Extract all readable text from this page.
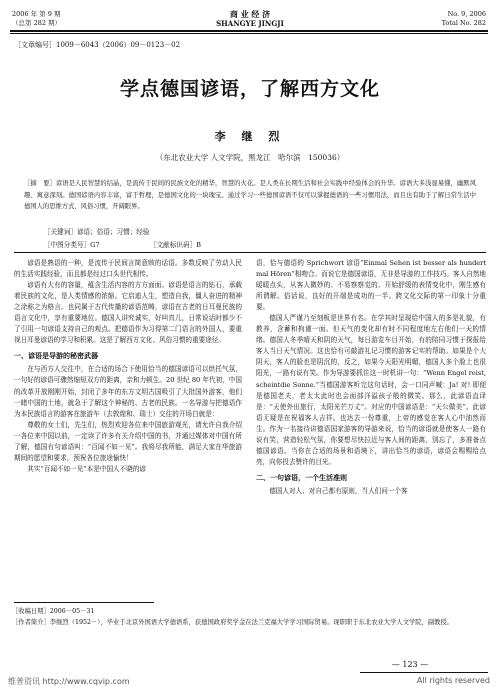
2006 年 第 9 期
（总第 282 期）
商 业 经 济
SHANGYE JINGJI
No. 9, 2006
Total No. 282
［文章编号］1009－6043（2006）09－0123－02
学点德国谚语，了解西方文化
李 继 烈
（东北农业大学 人文学院，黑龙江　哈尔滨　150036）
［摘　要］谚语是人民智慧的结晶，是流传于民间的民族文化的精华，智慧的火花。是人类在长期生活和社会实践中经验体会的升华。谚语大多浅显易懂，幽默风趣、寓意深刻。德国谚语内容丰富，富于哲理，是德国文化的一块瑰宝。通过学习一些德国谚语不仅可以掌握德语的一些习惯用法，而且也有助于了解日常生活中德国人的思维方式、风俗习惯，开阔眼界。
［关键词］谚语；俗语；习惯；经验
［中图分类号］G7	［文献标识码］B

谚语是熟语的一种，是流传于民间言简意赅的话语。多数反映了劳动人民的生活实践经验，而且都是经过口头世代相传。

谚语有大有的容量，蕴含生活内容的方方面面。谚语是语言的钻石，承载着民族的文化，是人类情感的浓缩。它启迪人生，塑造自我，僵人奋进的精神之涂称之为格言。也同属于古代传播的谚语范畴，谚语在古老的日耳曼民族的语言文化中，享有重要地位。德国人讲究诚实，好叫真儿，日常说话时都少不了引用一句谚语支持自己的观点。把德语作为习得第二门语言的外国人，要重视日耳曼谚语的学习和积累。这是了解西方文化、风俗习惯的重要途径。

一、谚语是导游的秘密武器

在与西方人交往中，在合适的场合下使用恰当的德国谚语可以烘托气氛，一句好的谚语可骤然缩短双方的距离，亲和力顿生。20 世纪 80 年代初，中国的改革开放刚刚开始，封闭了多年的东方文明古国吸引了大批国外游客，他们一睹中国的土地，就急于了解这个神秘的、古老的民族。一名导游与把德语作为本民族语言的游客在旅游车（去敦煌和、瑞士）交往的开场白就是：

尊敬的女士们，先生们，热烈欢迎各位来中国旅游观光，请允许自我介绍一各位来中国以前，一定读了许多有关介绍中国的书，并通过媒体对中国有所了解，德国有句谚语叫：“百闻不如一见”。我将尽我所能，满足大家在华旅游期间的愿望和要求，预祝各位旅途愉快！

其实“百闻不如一见”本是中国人不晓的谚

语，恰与德语的 Sprichwort 谚语“Einmal Sehen ist besser als hundert mal Hören”相吻合。而说它是德国谚语，无非是导游的工作技巧。客人自然地暖暖点头，从客人微妙的、不易察察觉的、开始舒缓的表情变化中，刚生感有所谓解。俗话说，良好的开端是成功的一半。跨文化交际的第一印象十分重要。

德国人严谨乃至刻板是世界有名。在学其时呈现给中国人的多是礼貌，有教养，含蓄和拘谨一面。但天气的变化却有时不同程度地左右他们一天的情绪。德国人冬季晴天和阴的天气，每日游览车目开始，有的陪同习惯于探报给客人当日天气情况。这也恰有可敲游礼记习惯的游客记实的帮助。如果是个大阴天，客人的脸也是阴沉的，反之，如果今天阳光明媚，德国人多个脸上也很阳光，一路有说有笑。作为导游要抓住这一时机讲一句：“Wenn Engel reist, scheintdie Sonne.”当德国游客听完这句话时，会一口同声喊：Ja! 对! 即便是德国老夫，老太太此时也会面部洋溢孩子般的微笑。那么，此谚语直译是：“天使外出旅行，太阳光芒万丈”。对应的中国谚语是：“天公做美”。此谚语无疑是在祝福客人吉祥。也达去一份尊重，上帝的感觉在客人心中油然而生。作为一名接待讲德语国家游客的导游来说，恰当的谚语就是使客人一路有说有笑，营造轻松气氛，你要想尽快拉近与客人间的距离，别忘了，多准备点德国谚语。当你在合适的场景和语境下，讲出恰当的谚语，谚语会赐赐给点亮，向你投去赞许的目光。

二、一句谚语，一个生活准则

德国人对人、对自己都有原则，当人们问一个客

［收稿日期］2006－05－31
［作者简介］李继烈（1952－），毕业于北京外国语大学德语系，获德国政府奖学金在法兰克福大学学习国际贸易。现职职于东北农业大学人文学院，副教授。
— 123 —
维普资讯 http://www.cqvip.com	All rights reserved
